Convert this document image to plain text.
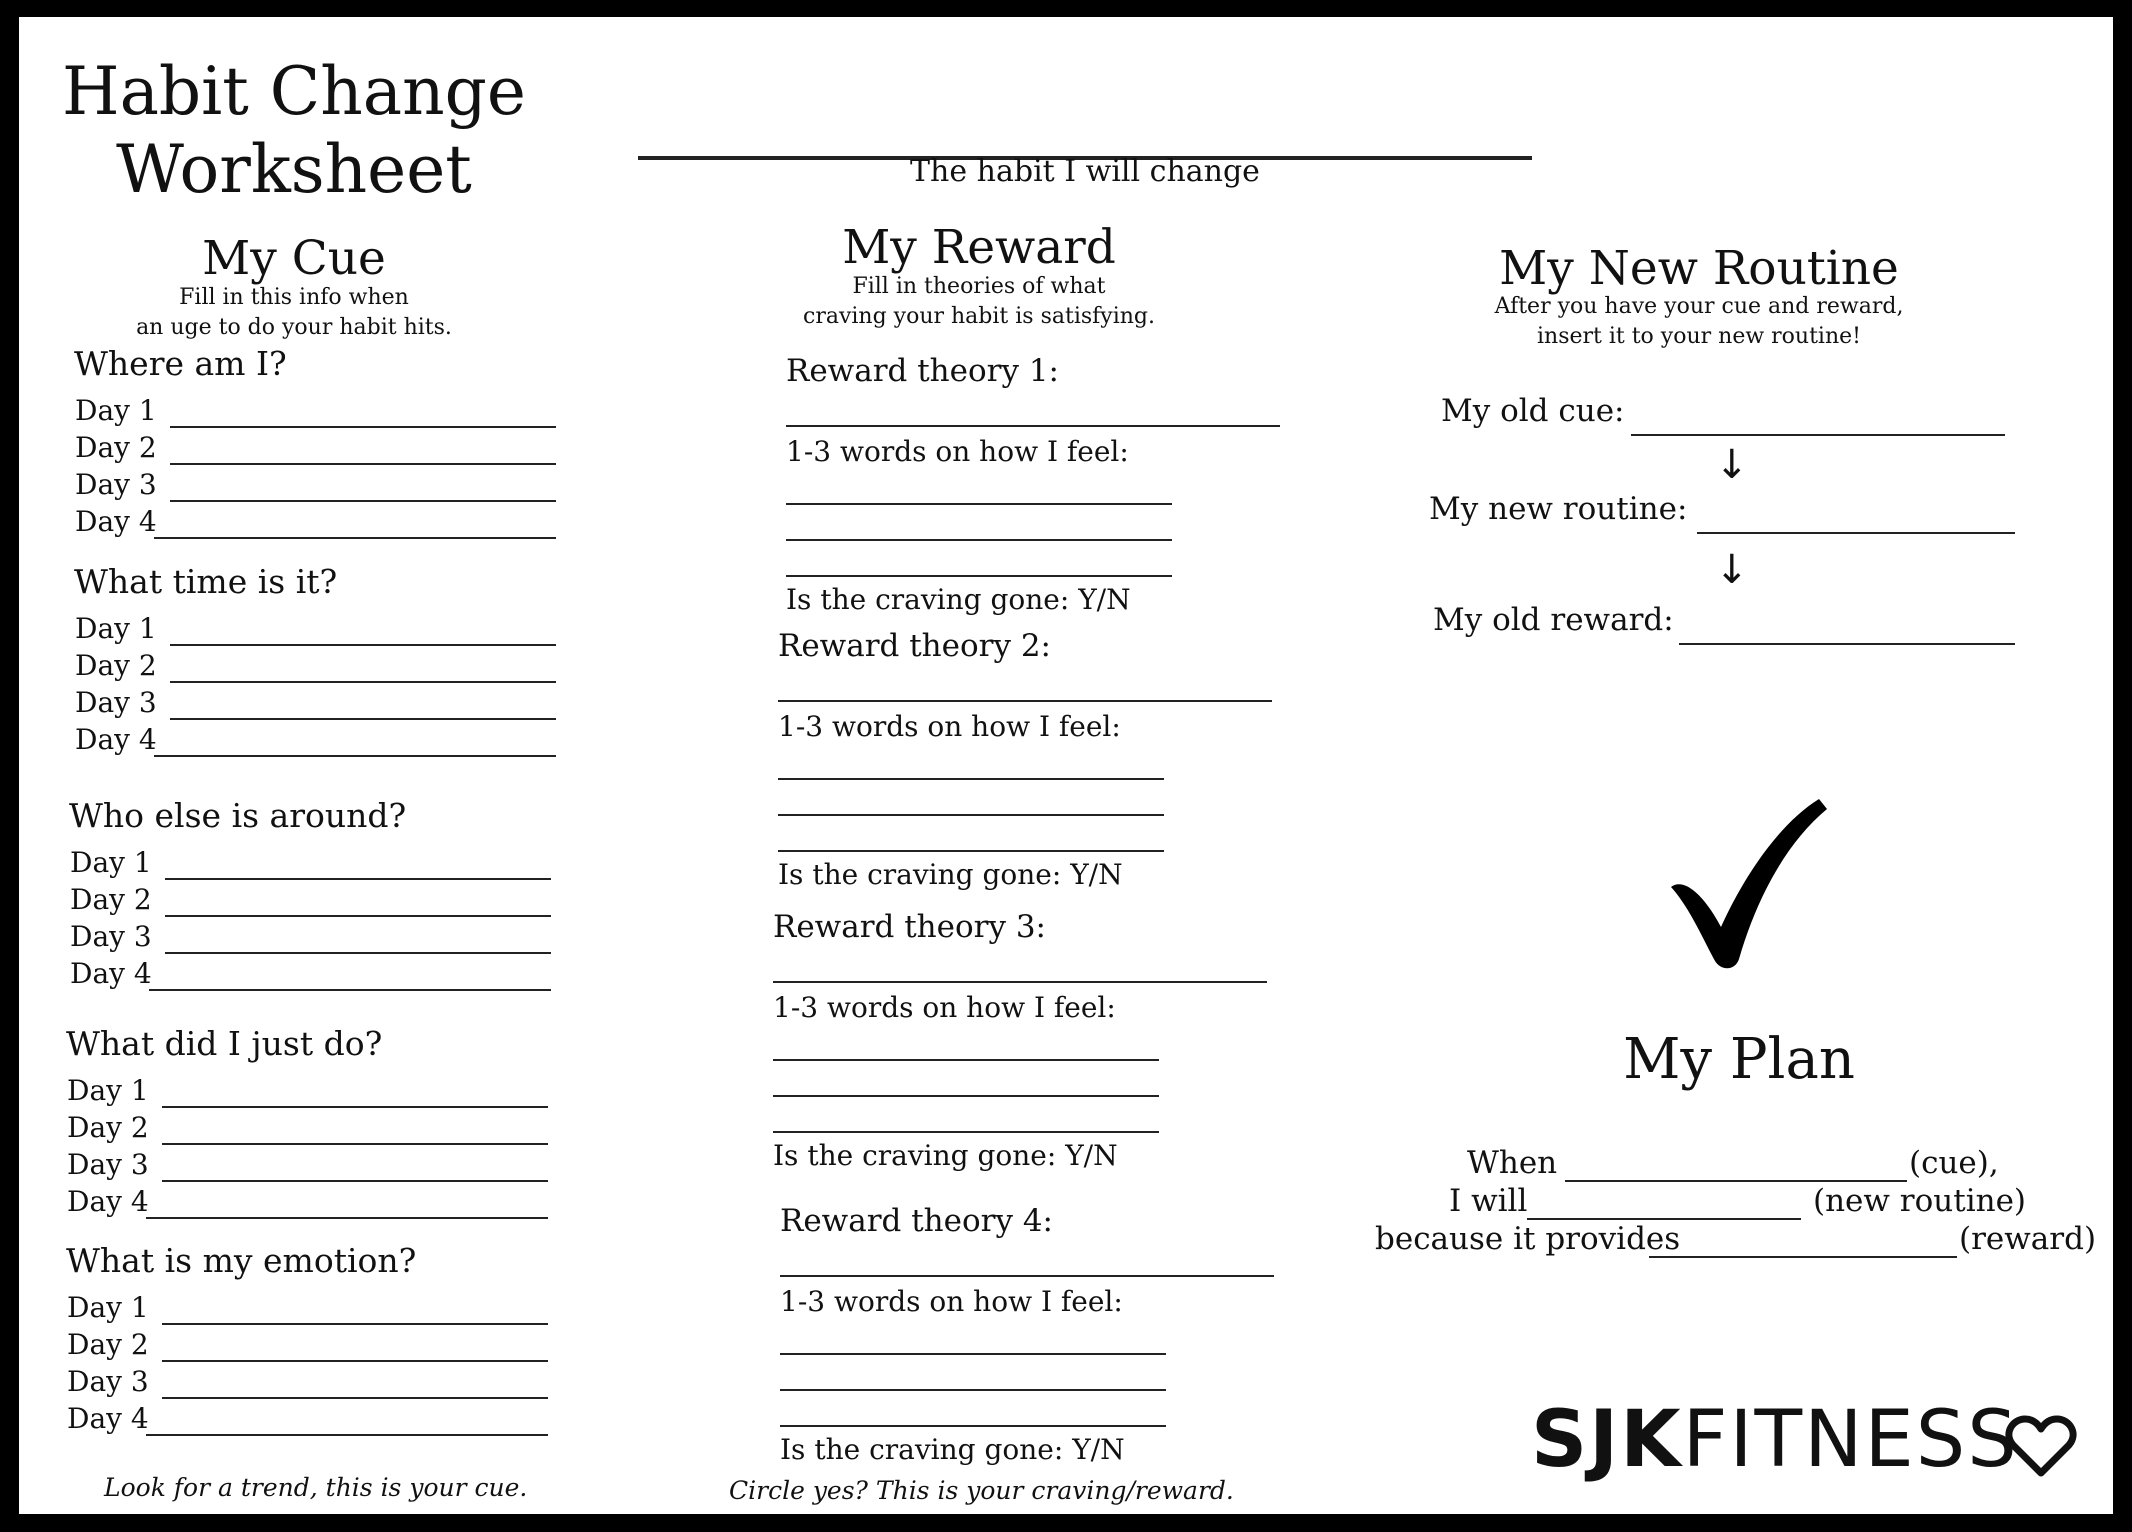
Habit Change
Worksheet	The habit I will change
My Cue
Fill in this info when
an uge to do your habit hits.
Where am I?
Day 1
Day 2
Day 3
Day 4
What time is it?
Day 1
Day 2
Day 3
Day 4
Who else is around?
Day 1
Day 2
Day 3
Day 4
What did I just do?
Day 1
Day 2
Day 3
Day 4
What is my emotion?
Day 1
Day 2
Day 3
Day 4
Look for a trend, this is your cue.
My Reward
Fill in theories of what
craving your habit is satisfying.
Reward theory 1:
1-3 words on how I feel:
Is the craving gone: Y/N
Reward theory 2:
1-3 words on how I feel:
Is the craving gone: Y/N
Reward theory 3:
1-3 words on how I feel:
Is the craving gone: Y/N
Reward theory 4:
1-3 words on how I feel:
Is the craving gone: Y/N
Circle yes? This is your craving/reward.
My New Routine
After you have your cue and reward,
insert it to your new routine!
My old cue:
↓
My new routine:
↓
My old reward:
My Plan
When	(cue),
I will	(new routine)
because it provides	(reward)
SJKFITNESS
